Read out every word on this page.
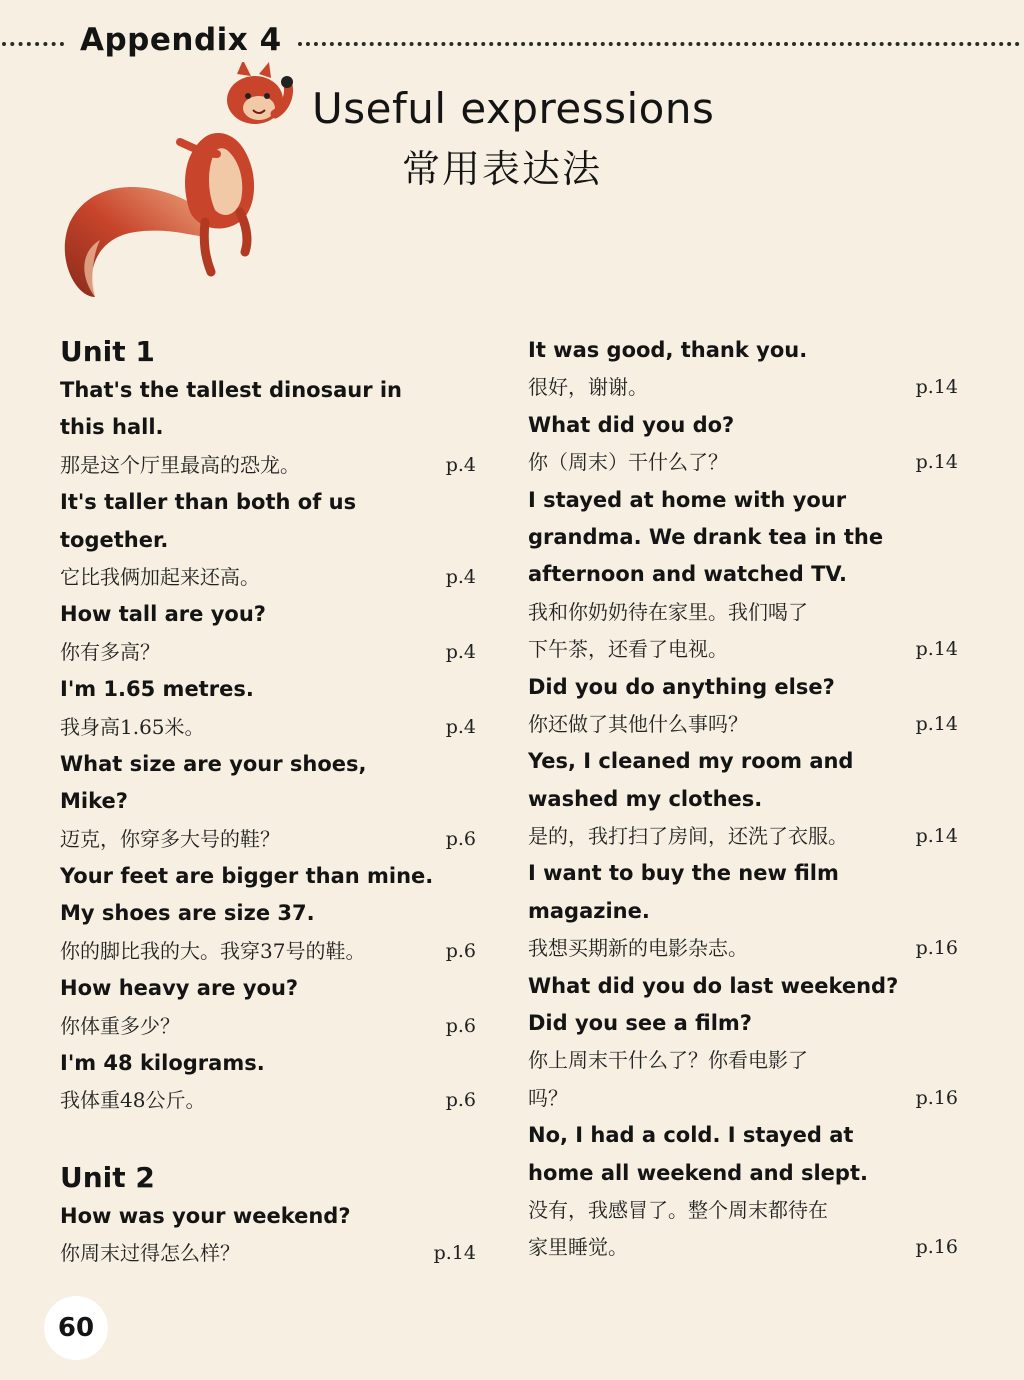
Appendix 4
Useful expressions
常用表达法
Unit 1
That's the tallest dinosaur in
this hall.
那是这个厅里最高的恐龙。	p.4
It's taller than both of us
together.
它比我俩加起来还高。	p.4
How tall are you?
你有多高？	p.4
I'm 1.65 metres.
我身高1.65米。	p.4
What size are your shoes,
Mike?
迈克，你穿多大号的鞋？	p.6
Your feet are bigger than mine.
My shoes are size 37.
你的脚比我的大。我穿37号的鞋。	p.6
How heavy are you?
你体重多少？	p.6
I'm 48 kilograms.
我体重48公斤。	p.6
Unit 2
How was your weekend?
你周末过得怎么样？	p.14
It was good, thank you.
很好，谢谢。	p.14
What did you do?
你（周末）干什么了？	p.14
I stayed at home with your
grandma. We drank tea in the
afternoon and watched TV.
我和你奶奶待在家里。我们喝了
下午茶，还看了电视。	p.14
Did you do anything else?
你还做了其他什么事吗？	p.14
Yes, I cleaned my room and
washed my clothes.
是的，我打扫了房间，还洗了衣服。	p.14
I want to buy the new film
magazine.
我想买期新的电影杂志。	p.16
What did you do last weekend?
Did you see a film?
你上周末干什么了？你看电影了
吗？	p.16
No, I had a cold. I stayed at
home all weekend and slept.
没有，我感冒了。整个周末都待在
家里睡觉。	p.16
60
